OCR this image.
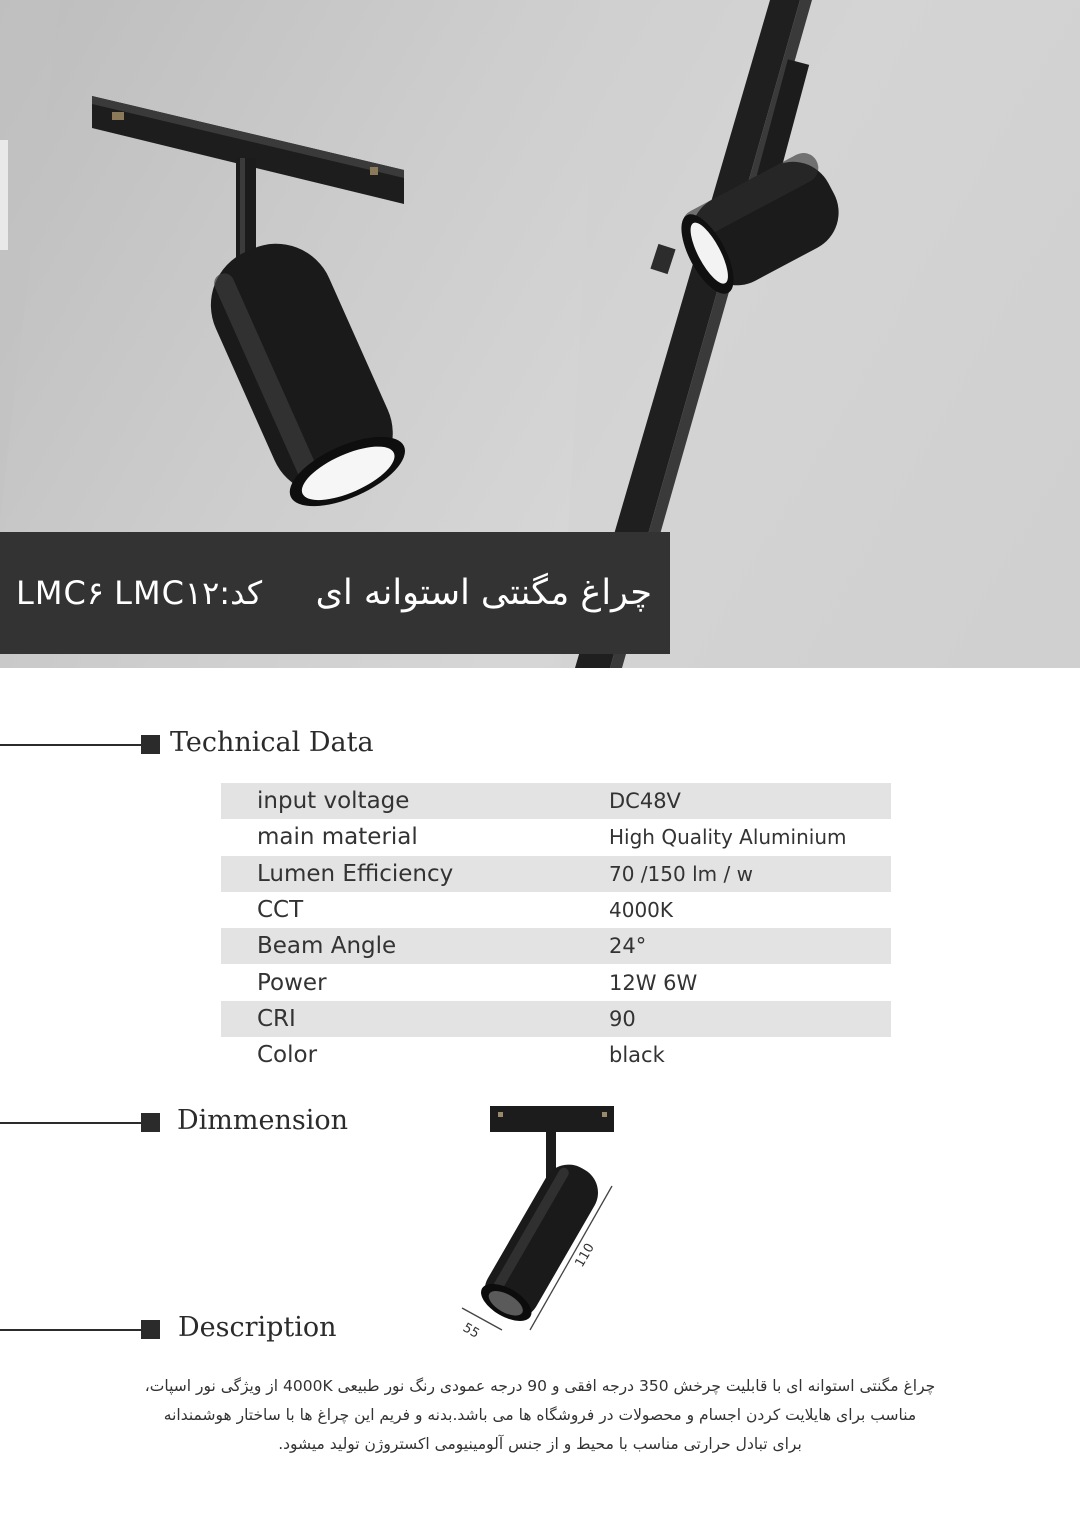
LMC۶ LMC۱۲:کد چراغ مگنتی استوانه ای
Technical Data
input voltage	DC48V
main material	High Quality Aluminium
Lumen Efficiency	70 /150 lm / w
CCT	4000K
Beam Angle	24°
Power	12W 6W
CRI	90
Color	black
Dimmension
110
55
Description
چراغ مگنتی استوانه ای با قابلیت چرخش 350 درجه افقی و 90 درجه عمودی رنگ نور طبیعی 4000K از ویژگی نور اسپات،
مناسب برای هایلایت کردن اجسام و محصولات در فروشگاه ها می باشد.بدنه و فریم این چراغ ها با ساختار هوشمندانه
برای تبادل حرارتی مناسب با محیط و از جنس آلومینیومی اکستروژن تولید میشود.
